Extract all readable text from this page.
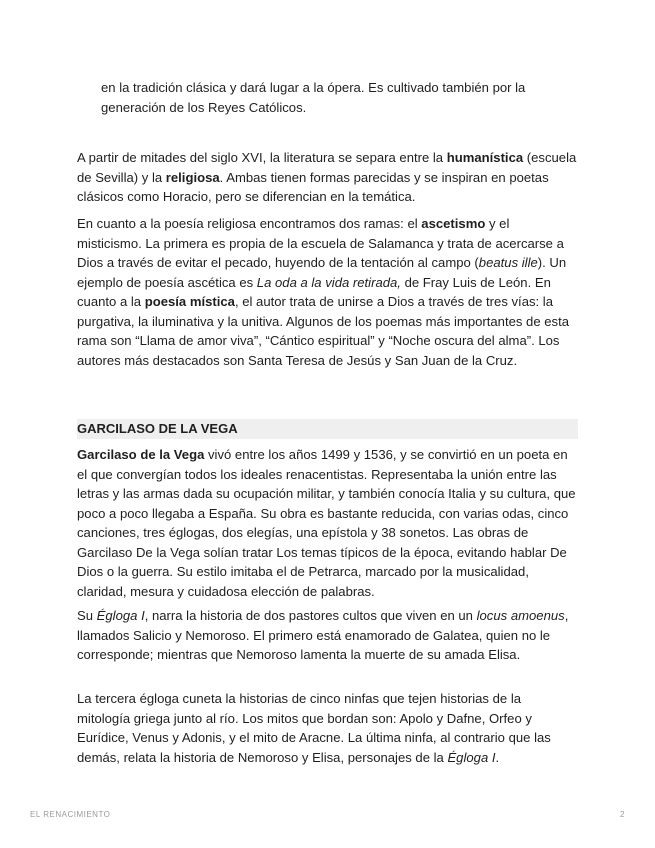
en la tradición clásica y dará lugar a la ópera. Es cultivado también por la generación de los Reyes Católicos.

A partir de mitades del siglo XVI, la literatura se separa entre la humanística (escuela de Sevilla) y la religiosa. Ambas tienen formas parecidas y se inspiran en poetas clásicos como Horacio, pero se diferencian en la temática.

En cuanto a la poesía religiosa encontramos dos ramas: el ascetismo y el misticismo. La primera es propia de la escuela de Salamanca y trata de acercarse a Dios a través de evitar el pecado, huyendo de la tentación al campo (beatus ille). Un ejemplo de poesía ascética es La oda a la vida retirada, de Fray Luis de León. En cuanto a la poesía mística, el autor trata de unirse a Dios a través de tres vías: la purgativa, la iluminativa y la unitiva. Algunos de los poemas más importantes de esta rama son “Llama de amor viva”, “Cántico espiritual” y “Noche oscura del alma”. Los autores más destacados son Santa Teresa de Jesús y San Juan de la Cruz.

GARCILASO DE LA VEGA

Garcilaso de la Vega vivó entre los años 1499 y 1536, y se convirtió en un poeta en el que convergían todos los ideales renacentistas. Representaba la unión entre las letras y las armas dada su ocupación militar, y también conocía Italia y su cultura, que poco a poco llegaba a España. Su obra es bastante reducida, con varias odas, cinco canciones, tres églogas, dos elegías, una epístola y 38 sonetos. Las obras de Garcilaso De la Vega solían tratar Los temas típicos de la época, evitando hablar De Dios o la guerra. Su estilo imitaba el de Petrarca, marcado por la musicalidad, claridad, mesura y cuidadosa elección de palabras.

Su Égloga I, narra la historia de dos pastores cultos que viven en un locus amoenus, llamados Salicio y Nemoroso. El primero está enamorado de Galatea, quien no le corresponde; mientras que Nemoroso lamenta la muerte de su amada Elisa.

La tercera égloga cuneta la historias de cinco ninfas que tejen historias de la mitología griega junto al río. Los mitos que bordan son: Apolo y Dafne, Orfeo y Eurídice, Venus y Adonis, y el mito de Aracne. La última ninfa, al contrario que las demás, relata la historia de Nemoroso y Elisa, personajes de la Égloga I.

EL RENACIMIENTO	2
